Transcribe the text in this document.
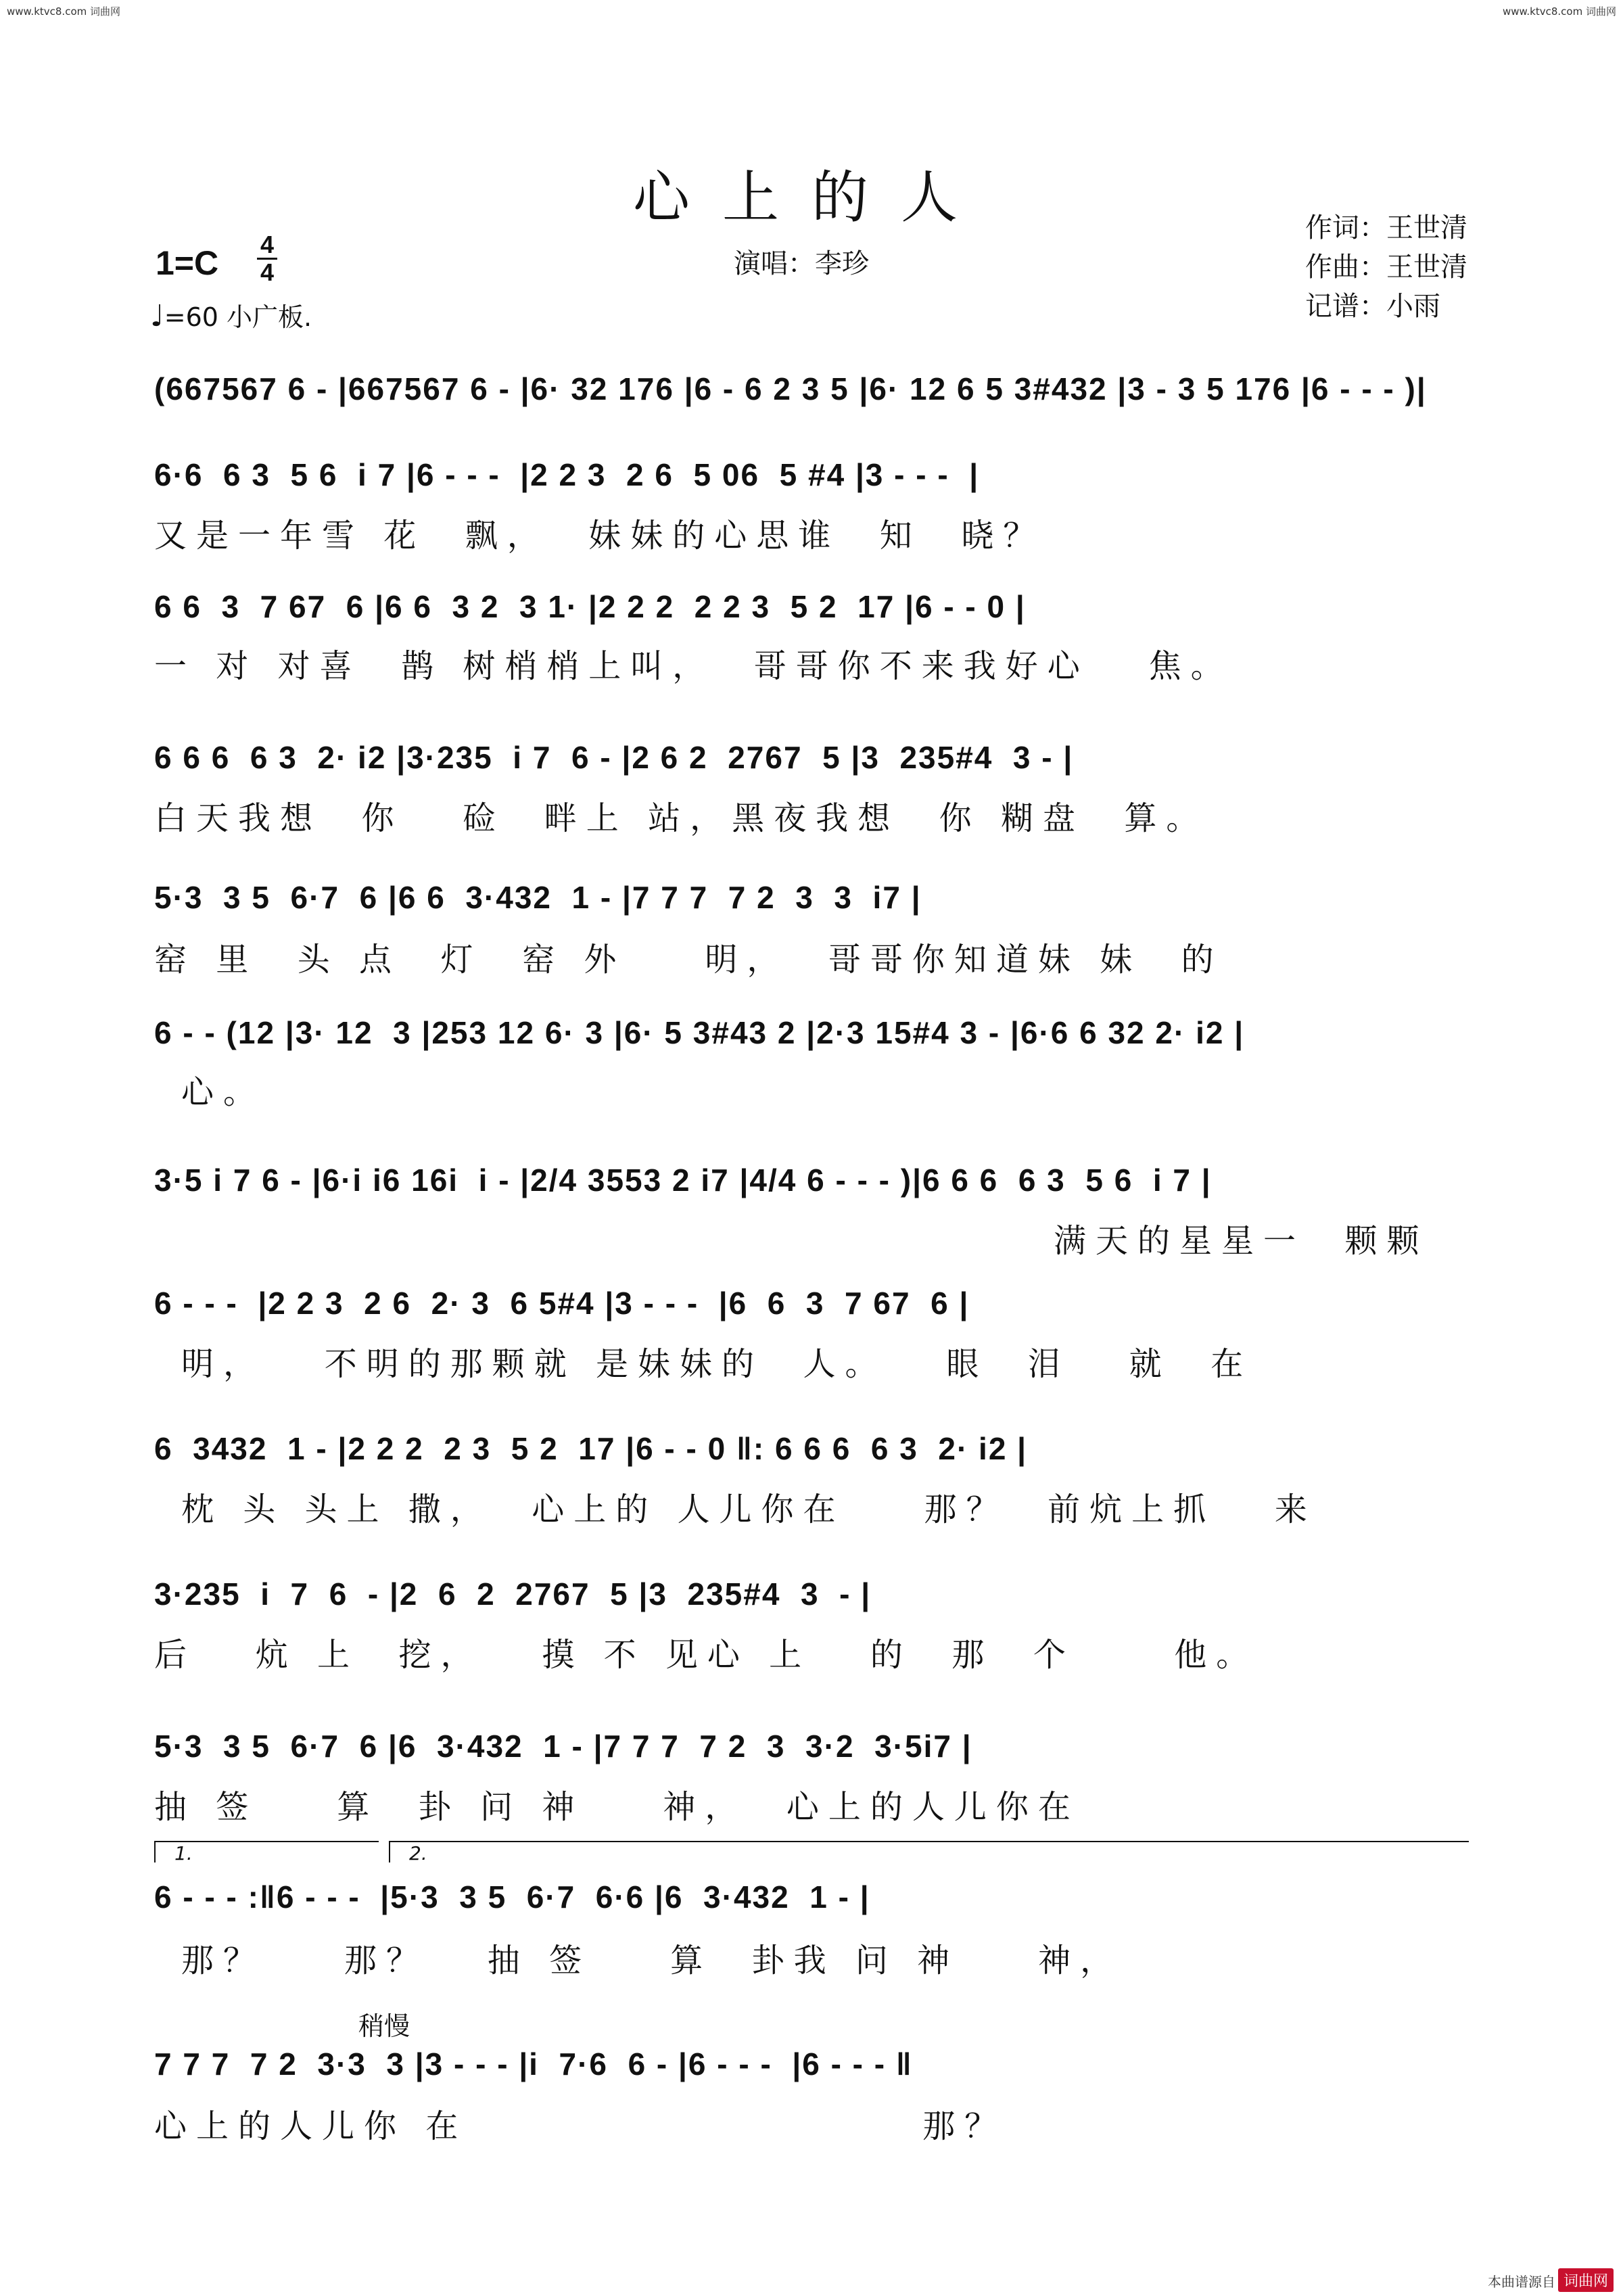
www.ktvc8.com 词曲网	www.ktvc8.com 词曲网
心上的人	作词：王世清
作曲：王世清
记谱：小雨
演唱：李珍
1=C 4
4
♩=60 小广板.
(667567 6 - |667567 6 - |6· 32 176 |6 - 6 2 3 5 |6· 12 6 5 3#432 |3 - 3 5 176 |6 - - - )|
6·6  6 3  5 6  i 7 |6 - - -  |2 2 3  2 6  5 06  5 #4 |3 - - -  |
又是一年雪 花  飘，  妹妹的心思谁  知  晓？
6 6  3  7 67  6 |6 6  3 2  3 1· |2 2 2  2 2 3  5 2  17 |6 - - 0 |
一 对 对喜  鹊 树梢梢上叫，  哥哥你不来我好心   焦。
6 6 6  6 3  2· i2 |3·235  i 7  6 - |2 6 2  2767  5 |3  235#4  3 - |
白天我想  你   硷  畔上 站，黑夜我想  你 糊盘  算。
5·3  3 5  6·7  6 |6 6  3·432  1 - |7 7 7  7 2  3  3  i7 |
窑 里  头 点  灯  窑 外    明，  哥哥你知道妹 妹  的
6 - - (12 |3· 12  3 |253 12 6· 3 |6· 5 3#43 2 |2·3 15#4 3 - |6·6 6 32 2· i2 |
心。
3·5 i 7 6 - |6·i i6 16i  i - |2/4 3553 2 i7 |4/4 6 - - - )|6 6 6  6 3  5 6  i 7 |
满天的星星一  颗颗
6 - - -  |2 2 3  2 6  2· 3  6 5#4 |3 - - -  |6  6  3  7 67  6 |
明，   不明的那颗就 是妹妹的  人。   眼  泪   就  在
6  3432  1 - |2 2 2  2 3  5 2  17 |6 - - 0 ‖: 6 6 6  6 3  2· i2 |
枕 头 头上 撒，  心上的 人儿你在    那？  前炕上抓   来
3·235  i  7  6  - |2  6  2  2767  5 |3  235#4  3  - |
后   炕 上  挖，   摸 不 见心 上   的  那  个     他。
5·3  3 5  6·7  6 |6  3·432  1 - |7 7 7  7 2  3  3·2  3·5i7 |
抽 签    算  卦 问 神    神，  心上的人儿你在
1.	2.
6 - - - :‖6 - - -  |5·3  3 5  6·7  6·6 |6  3·432  1 - |
那？    那？   抽 签    算  卦我 问 神    神，
稍慢
7 7 7  7 2  3·3  3 |3 - - - |i  7·6  6 - |6 - - -  |6 - - - ‖
心上的人儿你 在                       那？
本曲谱源自 词曲网
